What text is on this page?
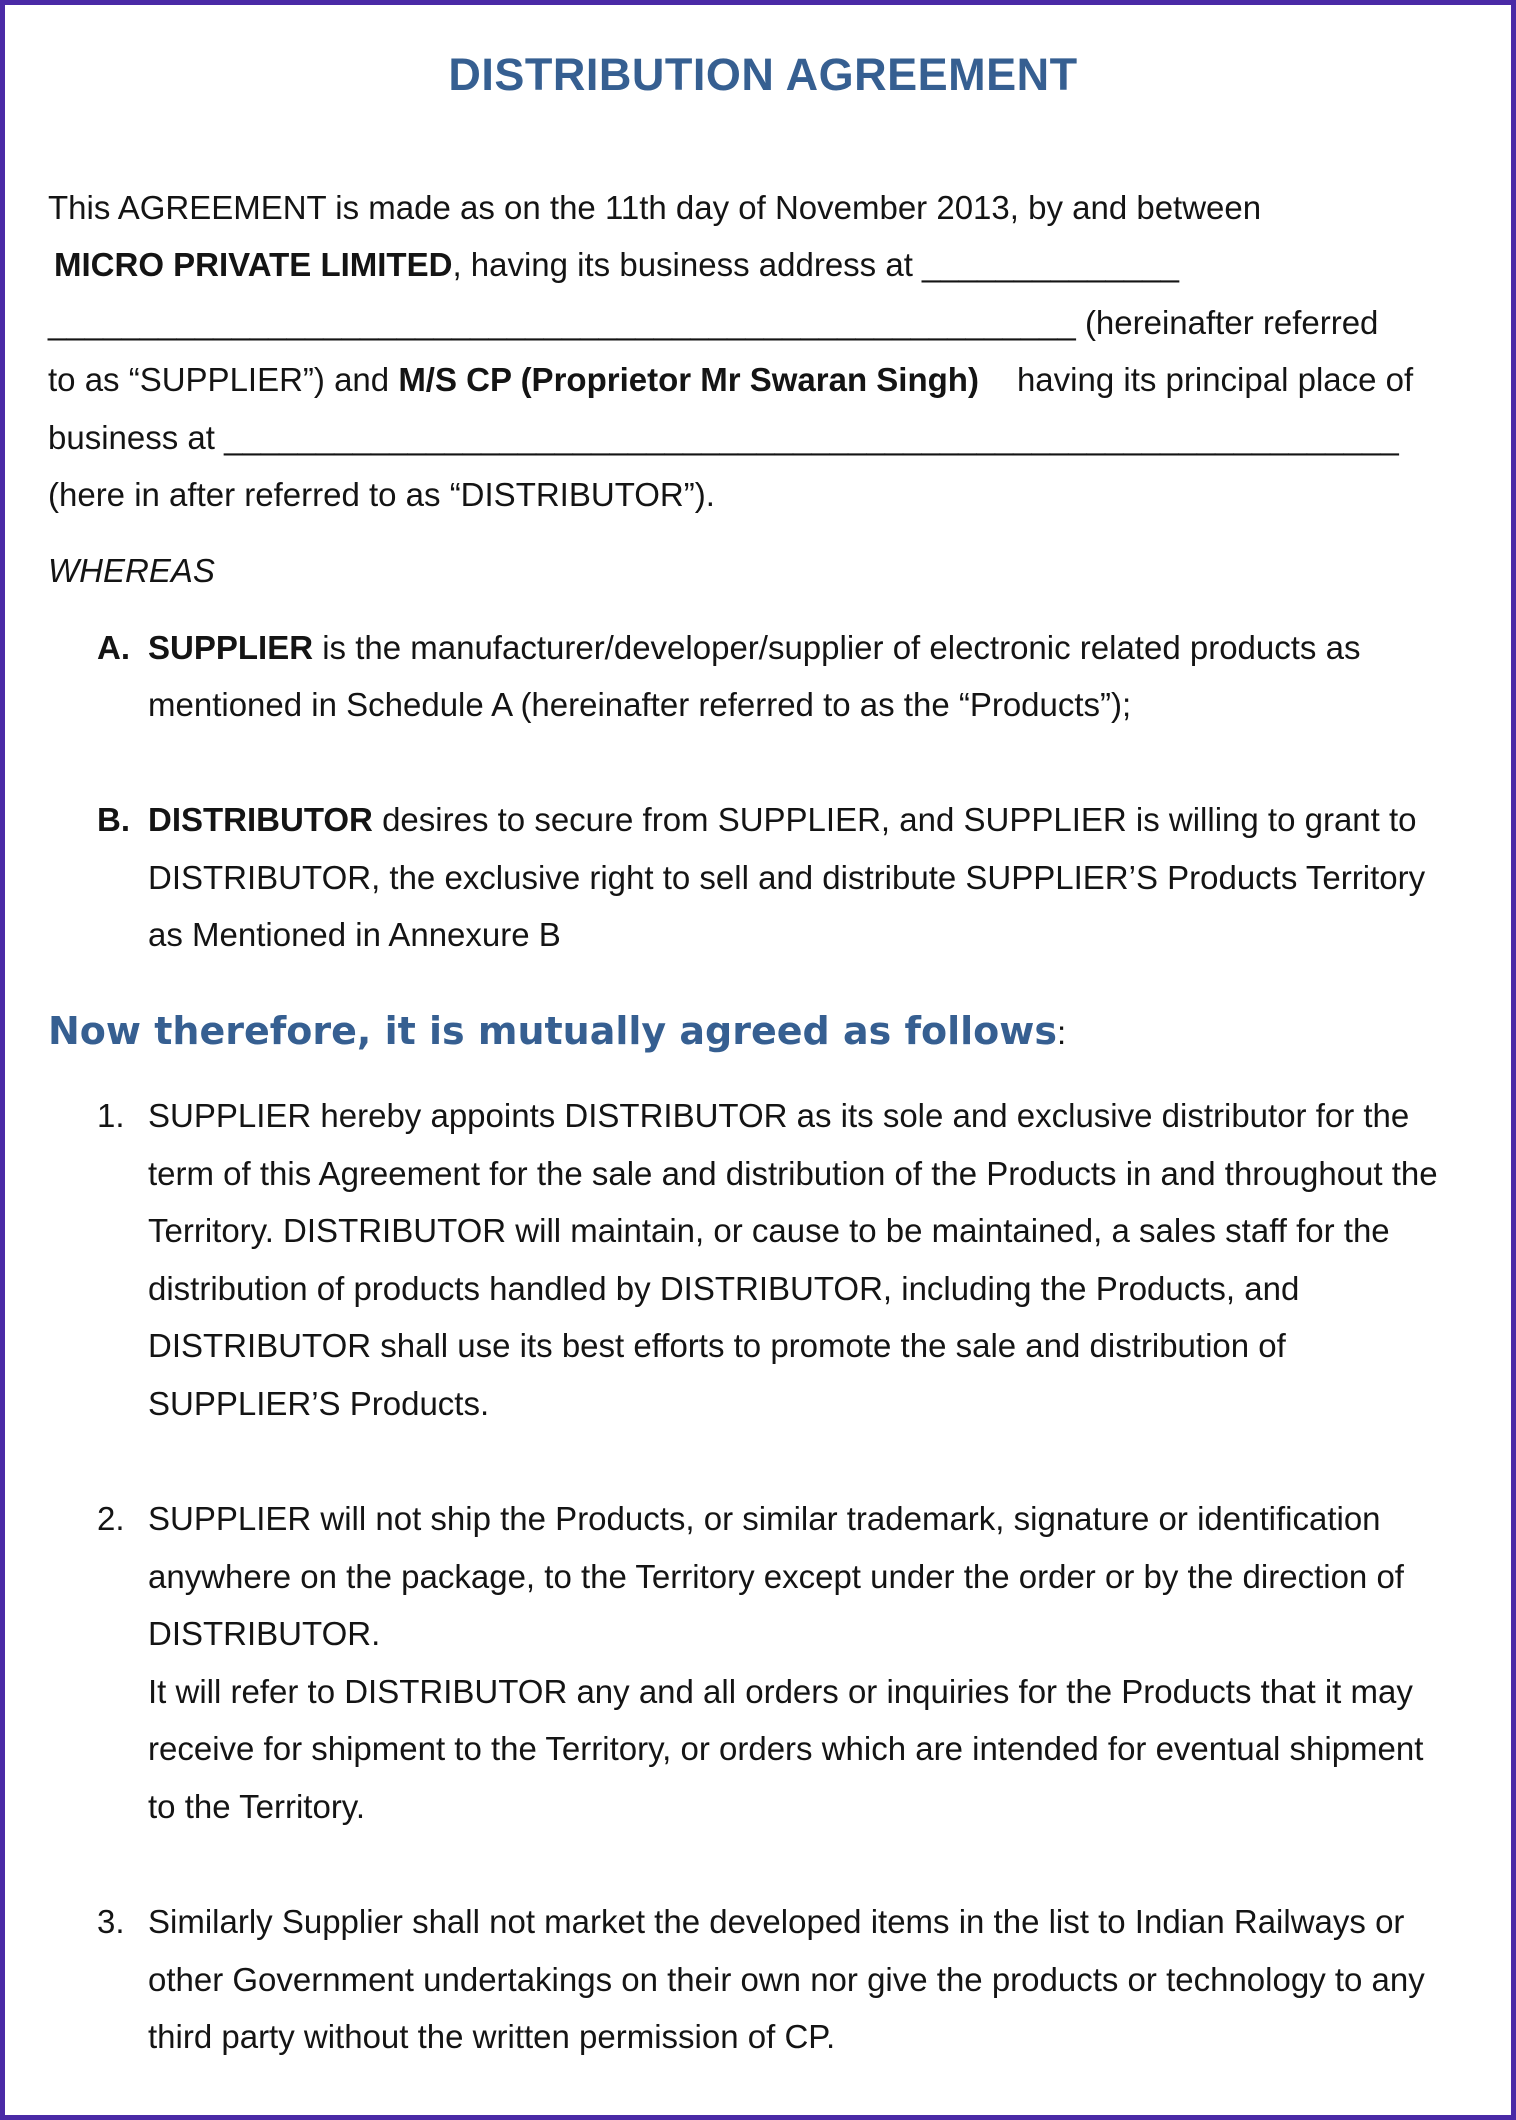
DISTRIBUTION AGREEMENT
This AGREEMENT is made as on the 11th day of November 2013, by and between
MICRO PRIVATE LIMITED, having its business address at ______________
________________________________________________________ (hereinafter referred
to as “SUPPLIER”) and M/S CP (Proprietor Mr Swaran Singh) having its principal place of
business at ________________________________________________________________
(here in after referred to as “DISTRIBUTOR”).
WHEREAS
A. SUPPLIER is the manufacturer/developer/supplier of electronic related products as
mentioned in Schedule A (hereinafter referred to as the “Products”);
B. DISTRIBUTOR desires to secure from SUPPLIER, and SUPPLIER is willing to grant to
DISTRIBUTOR, the exclusive right to sell and distribute SUPPLIER’S Products Territory
as Mentioned in Annexure B
Now therefore, it is mutually agreed as follows:
1. SUPPLIER hereby appoints DISTRIBUTOR as its sole and exclusive distributor for the
term of this Agreement for the sale and distribution of the Products in and throughout the
Territory. DISTRIBUTOR will maintain, or cause to be maintained, a sales staff for the
distribution of products handled by DISTRIBUTOR, including the Products, and
DISTRIBUTOR shall use its best efforts to promote the sale and distribution of
SUPPLIER’S Products.
2. SUPPLIER will not ship the Products, or similar trademark, signature or identification
anywhere on the package, to the Territory except under the order or by the direction of
DISTRIBUTOR.
It will refer to DISTRIBUTOR any and all orders or inquiries for the Products that it may
receive for shipment to the Territory, or orders which are intended for eventual shipment
to the Territory.
3. Similarly Supplier shall not market the developed items in the list to Indian Railways or
other Government undertakings on their own nor give the products or technology to any
third party without the written permission of CP.
